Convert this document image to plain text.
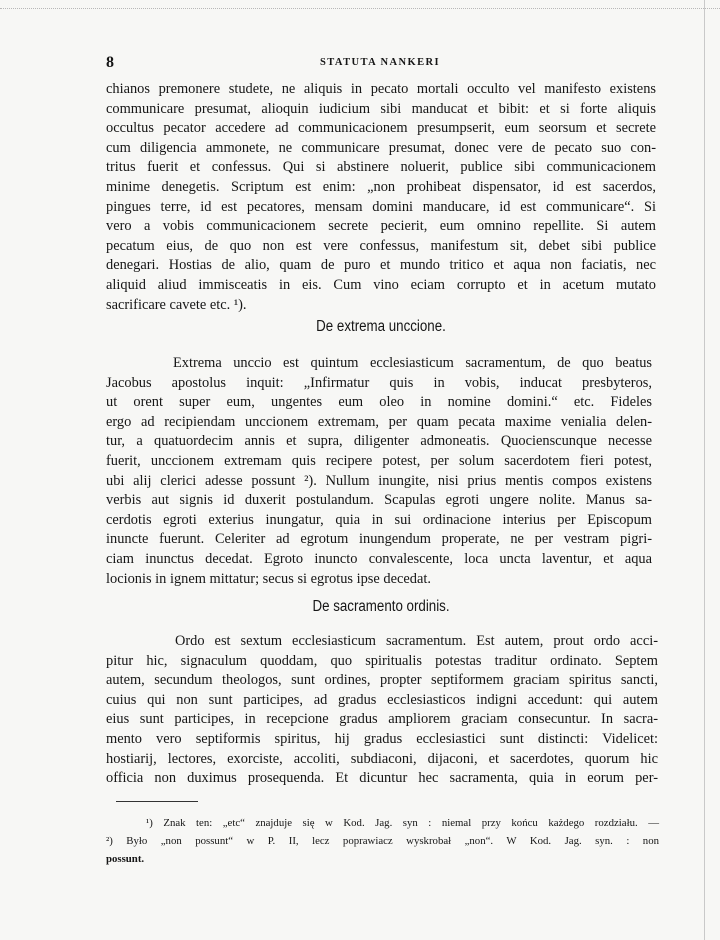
8	STATUTA NANKERI
chianos premonere studete, ne aliquis in pecato mortali occulto vel manifesto existens
communicare presumat, alioquin iudicium sibi manducat et bibit: et si forte aliquis
occultus pecator accedere ad communicacionem presumpserit, eum seorsum et secrete
cum diligencia ammonete, ne communicare presumat, donec vere de pecato suo con-
tritus fuerit et confessus. Qui si abstinere noluerit, publice sibi communicacionem
minime denegetis. Scriptum est enim: „non prohibeat dispensator, id est sacerdos,
pingues terre, id est pecatores, mensam domini manducare, id est communicare“. Si
vero a vobis communicacionem secrete pecierit, eum omnino repellite. Si autem
pecatum eius, de quo non est vere confessus, manifestum sit, debet sibi publice
denegari. Hostias de alio, quam de puro et mundo tritico et aqua non faciatis, nec
aliquid aliud immisceatis in eis. Cum vino eciam corrupto et in acetum mutato
sacrificare cavete etc. ¹).
De extrema unccione.
Extrema unccio est quintum ecclesiasticum sacramentum, de quo beatus
Jacobus apostolus inquit: „Infirmatur quis in vobis, inducat presbyteros,
ut orent super eum, ungentes eum oleo in nomine domini.“ etc. Fideles
ergo ad recipiendam unccionem extremam, per quam pecata maxime venialia delen-
tur, a quatuordecim annis et supra, diligenter admoneatis. Quocienscunque necesse
fuerit, unccionem extremam quis recipere potest, per solum sacerdotem fieri potest,
ubi alij clerici adesse possunt ²). Nullum inungite, nisi prius mentis compos existens
verbis aut signis id duxerit postulandum. Scapulas egroti ungere nolite. Manus sa-
cerdotis egroti exterius inungatur, quia in sui ordinacione interius per Episcopum
inuncte fuerunt. Celeriter ad egrotum inungendum properate, ne per vestram pigri-
ciam inunctus decedat. Egroto inuncto convalescente, loca uncta laventur, et aqua
locionis in ignem mittatur; secus si egrotus ipse decedat.
De sacramento ordinis.
Ordo est sextum ecclesiasticum sacramentum. Est autem, prout ordo acci-
pitur hic, signaculum quoddam, quo spiritualis potestas traditur ordinato. Septem
autem, secundum theologos, sunt ordines, propter septiformem graciam spiritus sancti,
cuius qui non sunt participes, ad gradus ecclesiasticos indigni accedunt: qui autem
eius sunt participes, in recepcione gradus ampliorem graciam consecuntur. In sacra-
mento vero septiformis spiritus, hij gradus ecclesiastici sunt distincti: Videlicet:
hostiarij, lectores, exorciste, accoliti, subdiaconi, dijaconi, et sacerdotes, quorum hic
officia non duximus prosequenda. Et dicuntur hec sacramenta, quia in eorum per-
¹) Znak ten: „etc“ znajduje się w Kod. Jag. syn : niemal przy końcu każdego rozdziału. —
²) Było „non possunt“ w P. II, lecz poprawiacz wyskrobał „non“. W Kod. Jag. syn. : non
possunt.
